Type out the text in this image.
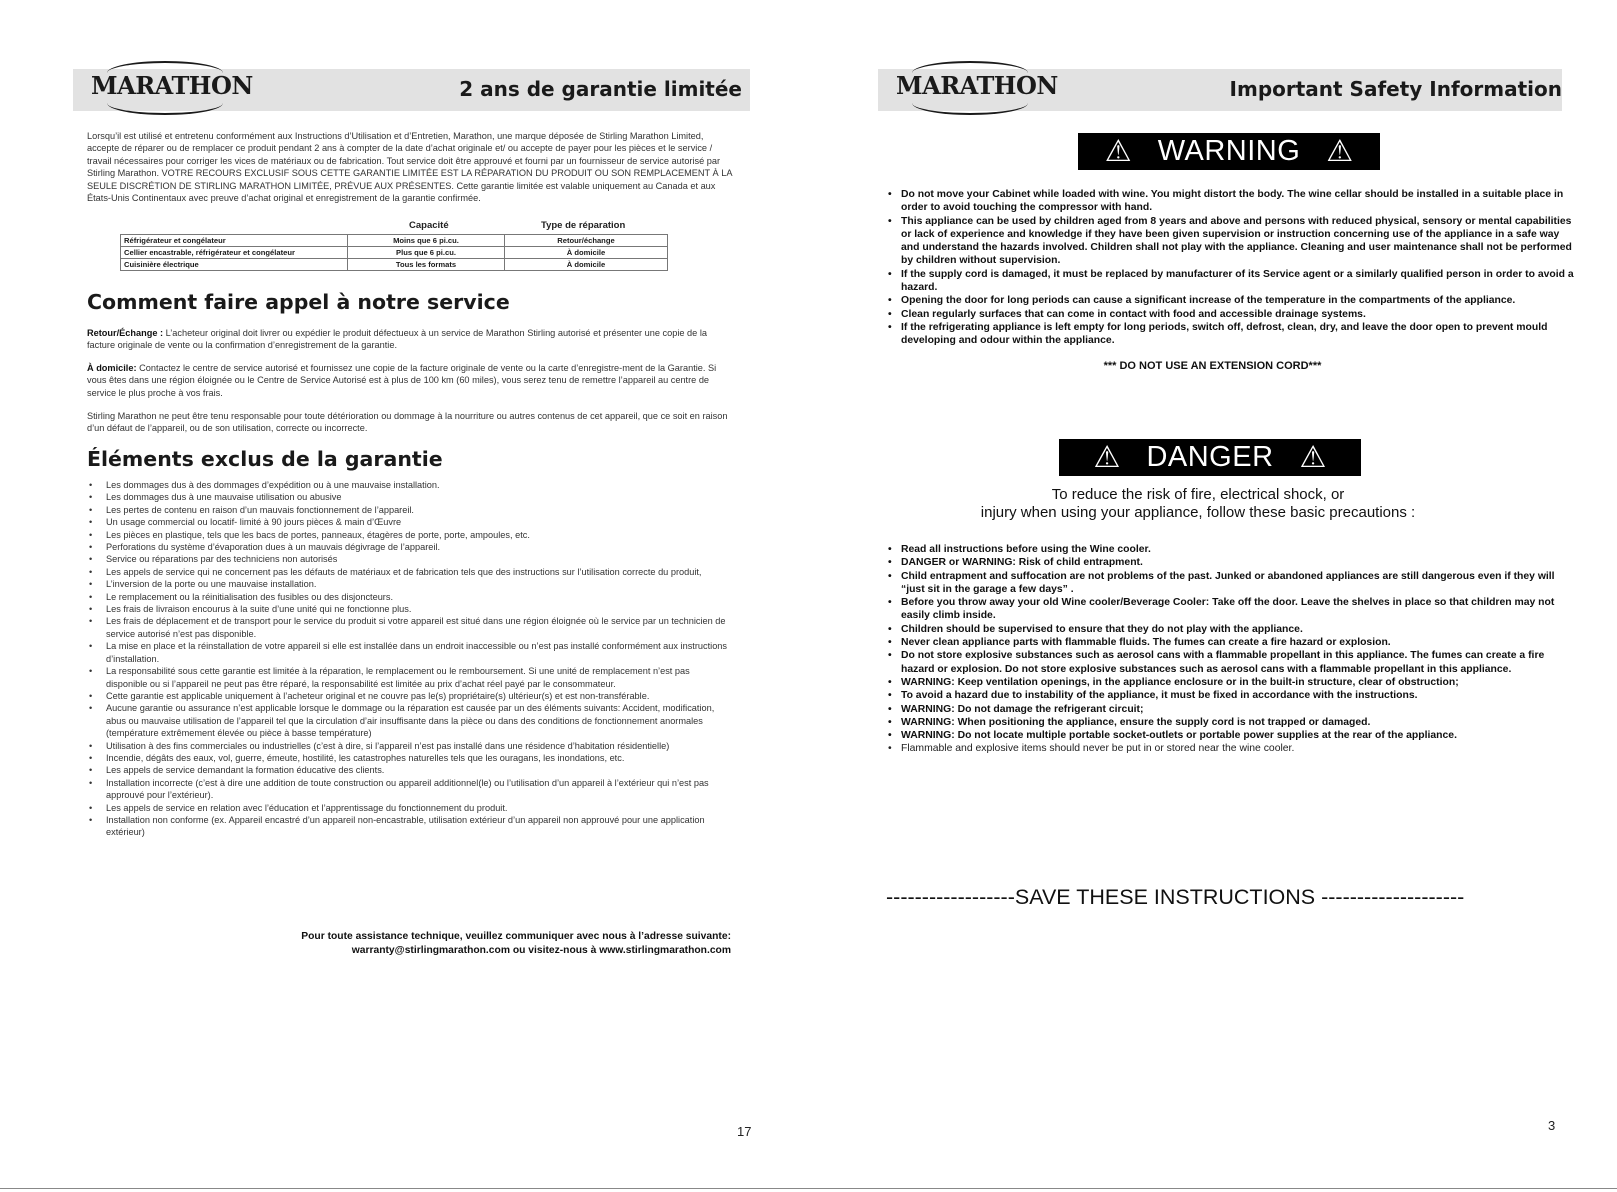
MARATHON	2 ans de garantie limitée
Lorsqu’il est utilisé et entretenu conformément aux Instructions d’Utilisation et d’Entretien, Marathon, une marque déposée de Stirling Marathon Limited, accepte de réparer ou de remplacer ce produit pendant 2 ans à compter de la date d’achat originale et/ ou accepte de payer pour les pièces et le service / travail nécessaires pour corriger les vices de matériaux ou de fabrication. Tout service doit être approuvé et fourni par un fournisseur de service autorisé par Stirling Marathon. VOTRE RECOURS EXCLUSIF SOUS CETTE GARANTIE LIMITÉE EST LA RÉPARATION DU PRODUIT OU SON REMPLACEMENT À LA SEULE DISCRÉTION DE STIRLING MARATHON LIMITÉE, PRÉVUE AUX PRÉSENTES. Cette garantie limitée est valable uniquement au Canada et aux États-Unis Continentaux avec preuve d’achat original et enregistrement de la garantie confirmée.
Capacité	Type de réparation
Réfrigérateur et congélateur	Moins que 6 pi.cu.	Retour/échange
Cellier encastrable, réfrigérateur et congélateur	Plus que 6 pi.cu.	À domicile
Cuisinière électrique	Tous les formats	À domicile
Comment faire appel à notre service
Retour/Échange : L’acheteur original doit livrer ou expédier le produit défectueux à un service de Marathon Stirling autorisé et présenter une copie de la facture originale de vente ou la confirmation d’enregistrement de la garantie.
À domicile: Contactez le centre de service autorisé et fournissez une copie de la facture originale de vente ou la carte d’enregistre-ment de la Garantie. Si vous êtes dans une région éloignée ou le Centre de Service Autorisé est à plus de 100 km (60 miles), vous serez tenu de remettre l’appareil au centre de service le plus proche à vos frais.
Stirling Marathon ne peut être tenu responsable pour toute détérioration ou dommage à la nourriture ou autres contenus de cet appareil, que ce soit en raison d’un défaut de l’appareil, ou de son utilisation, correcte ou incorrecte.
Éléments exclus de la garantie
• Les dommages dus à des dommages d’expédition ou à une mauvaise installation.
• Les dommages dus à une mauvaise utilisation ou abusive
• Les pertes de contenu en raison d’un mauvais fonctionnement de l’appareil.
• Un usage commercial ou locatif- limité à 90 jours pièces & main d’Œuvre
• Les pièces en plastique, tels que les bacs de portes, panneaux, étagères de porte, porte, ampoules, etc.
• Perforations du système d’évaporation dues à un mauvais dégivrage de l’appareil.
• Service ou réparations par des techniciens non autorisés
• Les appels de service qui ne concernent pas les défauts de matériaux et de fabrication tels que des instructions sur l’utilisation correcte du produit,
• L’inversion de la porte ou une mauvaise installation.
• Le remplacement ou la réinitialisation des fusibles ou des disjoncteurs.
• Les frais de livraison encourus à la suite d’une unité qui ne fonctionne plus.
• Les frais de déplacement et de transport pour le service du produit si votre appareil est situé dans une région éloignée où le service par un technicien de service autorisé n’est pas disponible.
• La mise en place et la réinstallation de votre appareil si elle est installée dans un endroit inaccessible ou n’est pas installé conformément aux instructions d’installation.
• La responsabilité sous cette garantie est limitée à la réparation, le remplacement ou le remboursement. Si une unité de remplacement n’est pas disponible ou si l’appareil ne peut pas être réparé, la responsabilité est limitée au prix d’achat réel payé par le consommateur.
• Cette garantie est applicable uniquement à l’acheteur original et ne couvre pas le(s) propriétaire(s) ultérieur(s) et est non-transférable.
• Aucune garantie ou assurance n’est applicable lorsque le dommage ou la réparation est causée par un des éléments suivants: Accident, modification, abus ou mauvaise utilisation de l’appareil tel que la circulation d’air insuffisante dans la pièce ou dans des conditions de fonctionnement anormales (température extrêmement élevée ou pièce à basse température)
• Utilisation à des fins commerciales ou industrielles (c’est à dire, si l’appareil n’est pas installé dans une résidence d’habitation résidentielle)
• Incendie, dégâts des eaux, vol, guerre, émeute, hostilité, les catastrophes naturelles tels que les ouragans, les inondations, etc.
• Les appels de service demandant la formation éducative des clients.
• Installation incorrecte (c’est à dire une addition de toute construction ou appareil additionnel(le) ou l’utilisation d’un appareil à l’extérieur qui n’est pas approuvé pour l’extérieur).
• Les appels de service en relation avec l’éducation et l’apprentissage du fonctionnement du produit.
• Installation non conforme (ex. Appareil encastré d’un appareil non-encastrable, utilisation extérieur d’un appareil non approuvé pour une application extérieur)
Pour toute assistance technique, veuillez communiquer avec nous à l’adresse suivante:
warranty@stirlingmarathon.com ou visitez-nous à www.stirlingmarathon.com
17
MARATHON	Important Safety Information
⚠ WARNING ⚠
• Do not move your Cabinet while loaded with wine. You might distort the body. The wine cellar should be installed in a suitable place in order to avoid touching the compressor with hand.
• This appliance can be used by children aged from 8 years and above and persons with reduced physical, sensory or mental capabilities or lack of experience and knowledge if they have been given supervision or instruction concerning use of the appliance in a safe way and understand the hazards involved. Children shall not play with the appliance. Cleaning and user maintenance shall not be performed by children without supervision.
• If the supply cord is damaged, it must be replaced by manufacturer of its Service agent or a similarly qualified person in order to avoid a hazard.
• Opening the door for long periods can cause a significant increase of the temperature in the compartments of the appliance.
• Clean regularly surfaces that can come in contact with food and accessible drainage systems.
• If the refrigerating appliance is left empty for long periods, switch off, defrost, clean, dry, and leave the door open to prevent mould developing and odour within the appliance.
*** DO NOT USE AN EXTENSION CORD***
⚠ DANGER ⚠
To reduce the risk of fire, electrical shock, or
injury when using your appliance, follow these basic precautions :
• Read all instructions before using the Wine cooler.
• DANGER or WARNING: Risk of child entrapment.
• Child entrapment and suffocation are not problems of the past. Junked or abandoned appliances are still dangerous even if they will “just sit in the garage a few days” .
• Before you throw away your old Wine cooler/Beverage Cooler: Take off the door. Leave the shelves in place so that children may not easily climb inside.
• Children should be supervised to ensure that they do not play with the appliance.
• Never clean appliance parts with flammable fluids. The fumes can create a fire hazard or explosion.
• Do not store explosive substances such as aerosol cans with a flammable propellant in this appliance. The fumes can create a fire hazard or explosion. Do not store explosive substances such as aerosol cans with a flammable propellant in this appliance.
• WARNING: Keep ventilation openings, in the appliance enclosure or in the built-in structure, clear of obstruction;
• To avoid a hazard due to instability of the appliance, it must be fixed in accordance with the instructions.
• WARNING: Do not damage the refrigerant circuit;
• WARNING: When positioning the appliance, ensure the supply cord is not trapped or damaged.
• WARNING: Do not locate multiple portable socket-outlets or portable power supplies at the rear of the appliance.
• Flammable and explosive items should never be put in or stored near the wine cooler.
------------------SAVE THESE INSTRUCTIONS --------------------
3
